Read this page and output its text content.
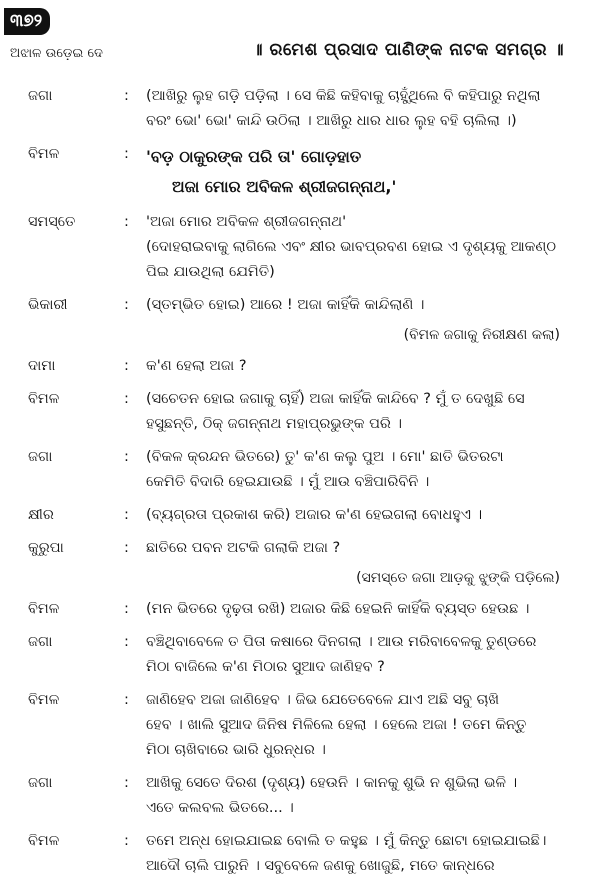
୩୭୨
ଅଝାଳ ଉଡ଼େଇ ଦେ	॥ ରମେଶ ପ୍ରସାଦ ପାଣିଙ୍କ ନାଟକ ସମଗ୍ର ॥
ଜଗା	:	(ଆଖିରୁ ଲୁହ ଗଡ଼ି ପଡ଼ିଲା । ସେ କିଛି କହିବାକୁ ଚାହୁଁଥିଲେ ବି କହିପାରୁ ନଥିଲା

ବରଂ ଭୋ' ଭୋ' କାନ୍ଦି ଉଠିଲା । ଆଖିରୁ ଧାର ଧାର ଲୁହ ବହି ଚାଲିଲା ।)

ବିମଳ	:	'ବଡ଼ ଠାକୁରଙ୍କ ପରି ତା' ଗୋଡ଼ହାତ

ଅଜା ମୋର ଅବିକଳ ଶ୍ରୀଜଗନ୍ନାଥ,'

ସମସ୍ତେ	:	'ଅଜା ମୋର ଅବିକଳ ଶ୍ରୀଜଗନ୍ନାଥ'

(ଦୋହରାଇବାକୁ ଲାଗିଲେ ଏବଂ କ୍ଷୀର ଭାବପ୍ରବଣ ହୋଇ ଏ ଦୃଶ୍ୟକୁ ଆକଣ୍ଠ

ପିଇ ଯାଉଥିଲା ଯେମିତି)

ଭିକାରୀ	:	(ସ୍ତମ୍ଭିତ ହୋଇ) ଆରେ ! ଅଜା କାହିଁକି କାନ୍ଦିଲାଣି ।

(ବିମଳ ଜଗାକୁ ନିରୀକ୍ଷଣ କଲା)
ଦାମା	:	କ'ଣ ହେଲା ଅଜା ?

ବିମଳ	:	(ସଚେତନ ହୋଇ ଜଗାକୁ ଚାହିଁ) ଅଜା କାହିଁକି କାନ୍ଦିବେ ? ମୁଁ ତ ଦେଖୁଛି ସେ

ହସୁଛନ୍ତି, ଠିକ୍ ଜଗନ୍ନାଥ ମହାପ୍ରଭୁଙ୍କ ପରି ।

ଜଗା	:	(ବିକଳ କ୍ରନ୍ଦନ ଭିତରେ) ତୁ' କ'ଣ କଲୁ ପୁଅ । ମୋ' ଛାତି ଭିତରଟା

କେମିତି ବିଦାରି ହେଇଯାଉଛି । ମୁଁ ଆଉ ବଞ୍ଚିପାରିବିନି ।

କ୍ଷୀର	:	(ବ୍ୟଗ୍ରତା ପ୍ରକାଶ କରି) ଅଜାର କ'ଣ ହେଇଗଲା ବୋଧହୁଏ ।

କୁରୁପା	:	ଛାତିରେ ପବନ ଅଟକି ଗଲାକି ଅଜା ?

(ସମସ୍ତେ ଜଗା ଆଡ଼କୁ ଝୁଙ୍କି ପଡ଼ିଲେ)
ବିମଳ	:	(ମନ ଭିତରେ ଦୃଢ଼ତା ରଖି) ଅଜାର କିଛି ହେଇନି କାହିଁକି ବ୍ୟସ୍ତ ହେଉଛ ।

ଜଗା	:	ବଞ୍ଚିଥିବାବେଳେ ତ ପିତା କଷାରେ ଦିନଗଲା । ଆଉ ମରିବାବେଳକୁ ତୁଣ୍ଡରେ

ମିଠା ବାଜିଲେ କ'ଣ ମିଠାର ସୁଆଦ ଜାଣିହବ ?

ବିମଳ	:	ଜାଣିହେବ ଅଜା ଜାଣିହେବ । ଜିଭ ଯେତେବେଳେ ଯାଏ ଅଛି ସବୁ ଚାଖି

ହେବ । ଖାଲି ସୁଆଦ ଜିନିଷ ମିଳିଲେ ହେଲା । ହେଲେ ଅଜା ! ତମେ କିନ୍ତୁ

ମିଠା ଚାଖିବାରେ ଭାରି ଧୁରନ୍ଧର ।

ଜଗା	:	ଆଖିକୁ ସେତେ ଦିରଶ (ଦୃଶ୍ୟ) ହେଉନି । କାନକୁ ଶୁଭି ନ ଶୁଭିଲା ଭଳି ।

ଏତେ କଲବଲ ଭିତରେ... ।

ବିମଳ	:	ତମେ ଅନ୍ଧ ହୋଇଯାଇଛ ବୋଲି ତ କହୁଛ । ମୁଁ କିନ୍ତୁ ଛୋଟା ହୋଇଯାଇଛି।

ଆଦୌ ଚାଲି ପାରୁନି । ସବୁବେଳେ ଜଣକୁ ଖୋଜୁଛି, ମତେ କାନ୍ଧରେ
